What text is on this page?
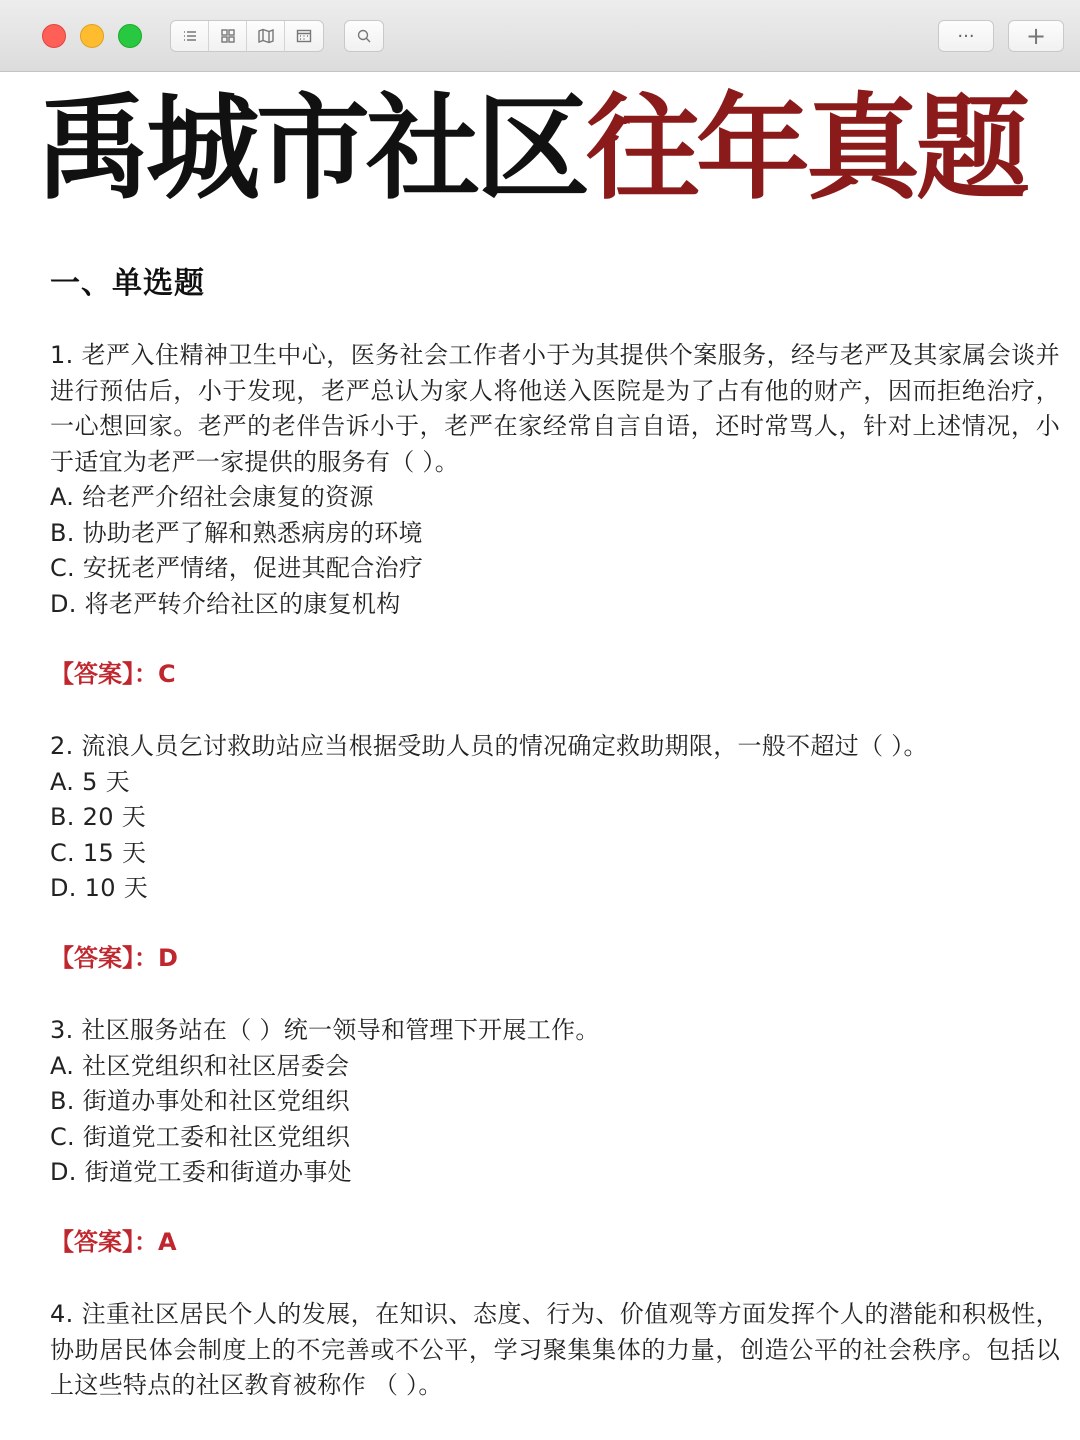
··· +
禹城市社区往年真题
一、单选题
1. 老严入住精神卫生中心，医务社会工作者小于为其提供个案服务，经与老严及其家属会谈并进行预估后，小于发现，老严总认为家人将他送入医院是为了占有他的财产，因而拒绝治疗，一心想回家。老严的老伴告诉小于，老严在家经常自言自语，还时常骂人，针对上述情况，小于适宜为老严一家提供的服务有（ ）。
A. 给老严介绍社会康复的资源
B. 协助老严了解和熟悉病房的环境
C. 安抚老严情绪，促进其配合治疗
D. 将老严转介给社区的康复机构
【答案】：C
2. 流浪人员乞讨救助站应当根据受助人员的情况确定救助期限，一般不超过（ ）。
A. 5 天
B. 20 天
C. 15 天
D. 10 天
【答案】：D
3. 社区服务站在（ ）统一领导和管理下开展工作。
A. 社区党组织和社区居委会
B. 街道办事处和社区党组织
C. 街道党工委和社区党组织
D. 街道党工委和街道办事处
【答案】：A
4. 注重社区居民个人的发展，在知识、态度、行为、价值观等方面发挥个人的潜能和积极性，协助居民体会制度上的不完善或不公平，学习聚集集体的力量，创造公平的社会秩序。包括以上这些特点的社区教育被称作 （ ）。
